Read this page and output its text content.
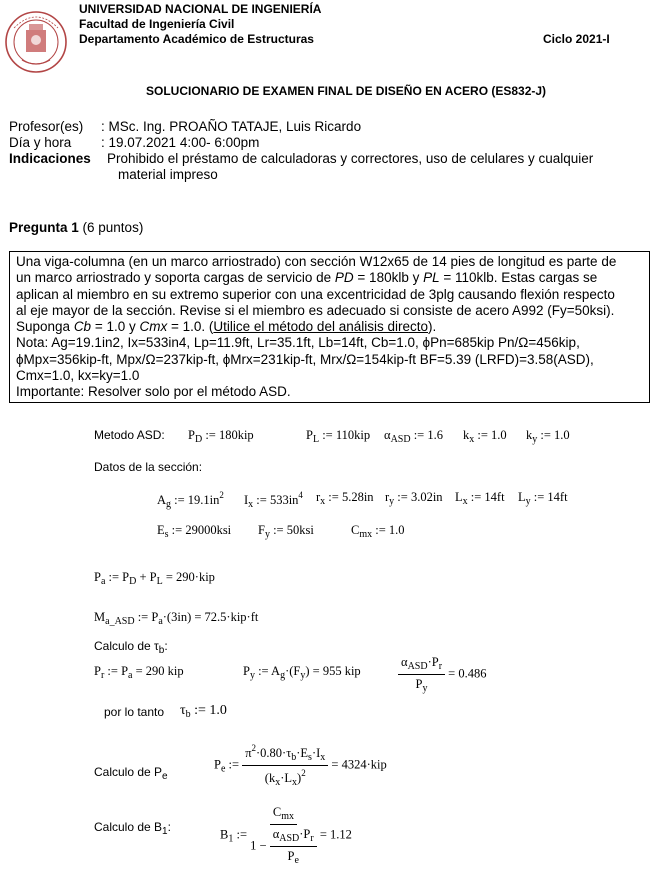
UNIVERSIDAD NACIONAL DE INGENIERÍA
Facultad de Ingeniería Civil
Departamento Académico de Estructuras	Ciclo 2021-I
SOLUCIONARIO DE EXAMEN FINAL DE DISEÑO EN ACERO (ES832-J)
Profesor(es) : MSc. Ing. PROAÑO TATAJE, Luis Ricardo
Día y hora : 19.07.2021 4:00- 6:00pm
Indicaciones Prohibido el préstamo de calculadoras y correctores, uso de celulares y cualquier
material impreso
Pregunta 1 (6 puntos)

Una viga-columna (en un marco arriostrado) con sección W12x65 de 14 pies de longitud es parte de

un marco arriostrado y soporta cargas de servicio de PD = 180klb y PL = 110klb. Estas cargas se

aplican al miembro en su extremo superior con una excentricidad de 3plg causando flexión respecto

al eje mayor de la sección. Revise si el miembro es adecuado si consiste de acero A992 (Fy=50ksi).

Suponga Cb = 1.0 y Cmx = 1.0. (Utilice el método del análisis directo).

Nota: Ag=19.1in2, Ix=533in4, Lp=11.9ft, Lr=35.1ft, Lb=14ft, Cb=1.0, ϕPn=685kip Pn/Ω=456kip,

ϕMpx=356kip-ft, Mpx/Ω=237kip-ft, ϕMrx=231kip-ft, Mrx/Ω=154kip-ft BF=5.39 (LRFD)=3.58(ASD),

Cmx=1.0, kx=ky=1.0

Importante: Resolver solo por el método ASD.

Metodo ASD: $P_D$ := 180kip	$P_L$ := 110kip $\alpha_{ASD}$ := 1.6 $k_x$ := 1.0 $k_y$ := 1.0
Datos de la sección:
$A_g$ := $19.1in^2$ $I_x$ := $533in^4$ $r_x$ := 5.28in $r_y$ := 3.02in $L_x$ := 14ft $L_y$ := 14ft
$E_s$ := 29000ksi $F_y$ := 50ksi	$C_{mx}$ := 1.0
$P_a$ := $P_D + P_L = 290\cdot kip$
$M_{a\_ASD}$ := $P_a\cdot(3in) = 72.5\cdot kip\cdot ft$
Calculo de $\tau_b$:
$P_r$ := $P_a = 290$ kip	$P_y$ := $A_g\cdot(F_y) = 955$ kip	$\frac{\alpha_{ASD}\cdot P_r}{P_y} = 0.486$
por lo tanto $\tau_b$ := 1.0
Calculo de $P_e$
$P_e$ := $\frac{\pi^2\cdot 0.80\cdot\tau_b\cdot E_s\cdot I_x}{(k_x\cdot L_x)^2} = 4324\cdot kip$
Calculo de $B_1$:
$B_1$ := $\frac{C_{mx}}{1 - \frac{\alpha_{ASD}\cdot P_r}{P_e}} = 1.12$
